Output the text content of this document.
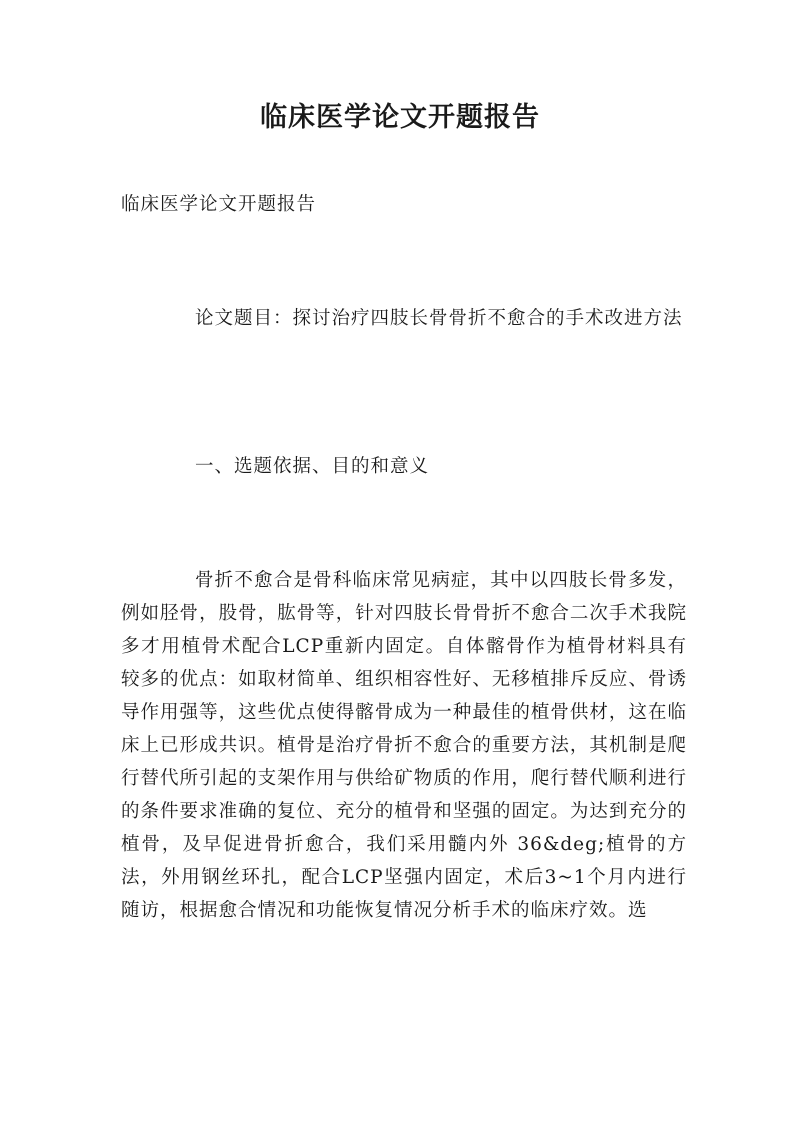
临床医学论文开题报告

临床医学论文开题报告

论文题目：探讨治疗四肢长骨骨折不愈合的手术改进方法

一、选题依据、目的和意义

骨折不愈合是骨科临床常见病症，其中以四肢长骨多发，例如胫骨，股骨，肱骨等，针对四肢长骨骨折不愈合二次手术我院多才用植骨术配合LCP重新内固定。自体髂骨作为植骨材料具有较多的优点：如取材简单、组织相容性好、无移植排斥反应、骨诱导作用强等，这些优点使得髂骨成为一种最佳的植骨供材，这在临床上已形成共识。植骨是治疗骨折不愈合的重要方法，其机制是爬行替代所引起的支架作用与供给矿物质的作用，爬行替代顺利进行的条件要求准确的复位、充分的植骨和坚强的固定。为达到充分的植骨，及早促进骨折愈合，我们采用髓内外 36&deg;植骨的方法，外用钢丝环扎，配合LCP坚强内固定，术后3~1个月内进行随访，根据愈合情况和功能恢复情况分析手术的临床疗效。选
